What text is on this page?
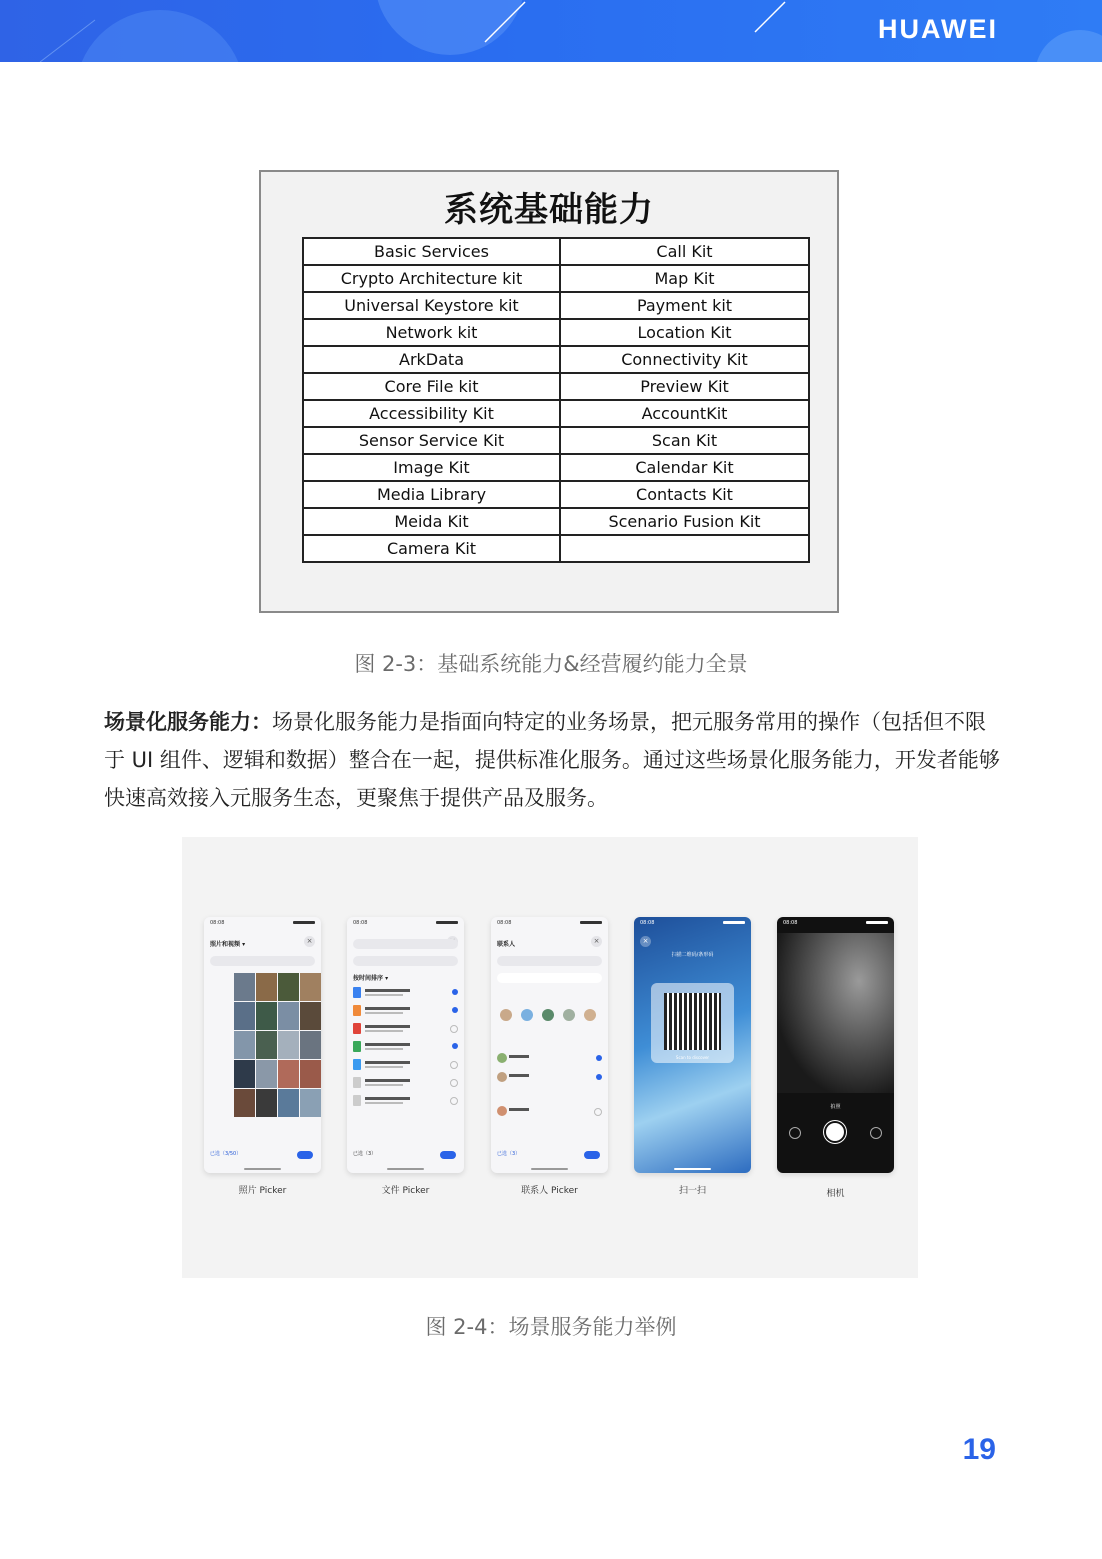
HUAWEI
系统基础能力
Basic Services	Call Kit
Crypto Architecture kit	Map Kit
Universal Keystore kit	Payment kit
Network kit	Location Kit
ArkData	Connectivity Kit
Core File kit	Preview Kit
Accessibility Kit	AccountKit
Sensor Service Kit	Scan Kit
Image Kit	Calendar Kit
Media Library	Contacts Kit
Meida Kit	Scenario Fusion Kit
Camera Kit	
图 2-3：基础系统能力&经营履约能力全景
场景化服务能力：场景化服务能力是指面向特定的业务场景，把元服务常用的操作（包括但不限于 UI 组件、逻辑和数据）整合在一起，提供标准化服务。通过这些场景化服务能力，开发者能够快速高效接入元服务生态，更聚焦于提供产品及服务。
08:08
照片和视频 ▾	×
已选（3/50）
08:08
按时间排序 ▾
已选（3）
08:08
联系人	×
已选（3）
08:08
×
扫描二维码/条形码
Scan to discover
08:08
拍照
照片 Picker	文件 Picker	联系人 Picker	扫一扫	相机
图 2-4：场景服务能力举例
19
